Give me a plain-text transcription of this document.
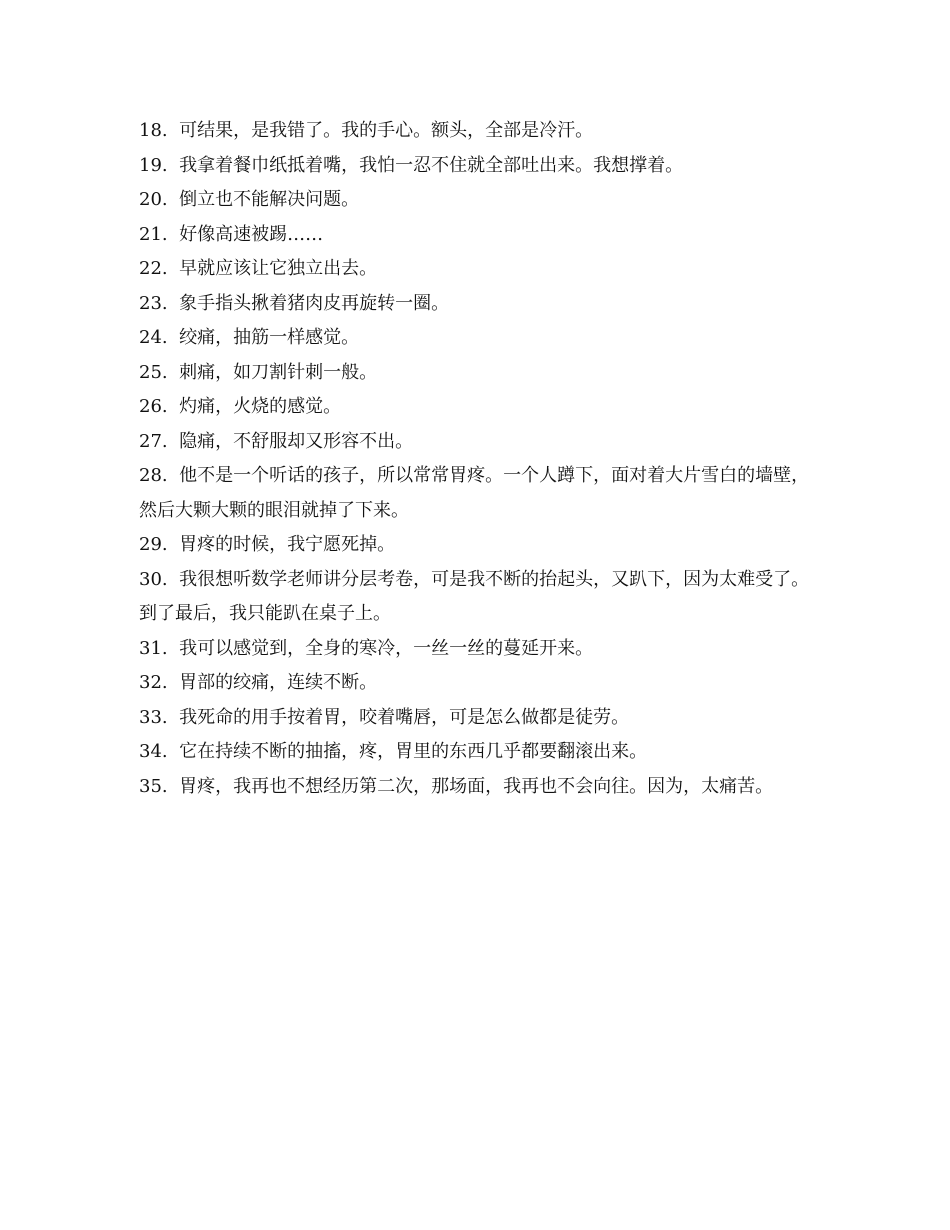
18. 可结果，是我错了。我的手心。额头，全部是冷汗。

19. 我拿着餐巾纸抵着嘴，我怕一忍不住就全部吐出来。我想撑着。

20. 倒立也不能解决问题。

21. 好像高速被踢……

22. 早就应该让它独立出去。

23. 象手指头揪着猪肉皮再旋转一圈。

24. 绞痛，抽筋一样感觉。

25. 刺痛，如刀割针刺一般。

26. 灼痛，火烧的感觉。

27. 隐痛，不舒服却又形容不出。

28. 他不是一个听话的孩子，所以常常胃疼。一个人蹲下，面对着大片雪白的墙壁，然后大颗大颗的眼泪就掉了下来。

29. 胃疼的时候，我宁愿死掉。

30. 我很想听数学老师讲分层考卷，可是我不断的抬起头，又趴下，因为太难受了。到了最后，我只能趴在桌子上。

31. 我可以感觉到，全身的寒冷，一丝一丝的蔓延开来。

32. 胃部的绞痛，连续不断。

33. 我死命的用手按着胃，咬着嘴唇，可是怎么做都是徒劳。

34. 它在持续不断的抽搐，疼，胃里的东西几乎都要翻滚出来。

35. 胃疼，我再也不想经历第二次，那场面，我再也不会向往。因为，太痛苦。
